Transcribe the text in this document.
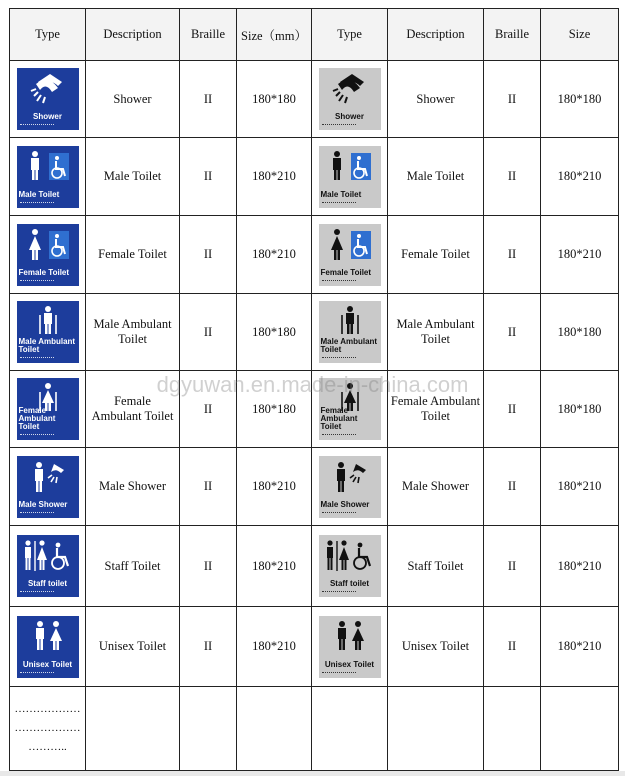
Type	Description	Braille	Size（mm）	Type	Description	Braille	Size

Shower	Shower	II	180*180	Shower	Shower	II	180*180

Male Toilet	Male Toilet	II	180*210	Male Toilet	Male Toilet	II	180*210

Female Toilet	Female Toilet	II	180*210	Female Toilet	Female Toilet	II	180*210

Male Ambulant Toilet	Male Ambulant Toilet	II	180*180	Male Ambulant Toilet	Male Ambulant Toilet	II	180*180

Female Ambulant Toilet	Female Ambulant Toilet	II	180*180	Female Ambulant Toilet	Female Ambulant Toilet	II	180*180

Male Shower	Male Shower	II	180*210	Male Shower	Male Shower	II	180*210

Staff toilet	Staff Toilet	II	180*210	Staff toilet	Staff Toilet	II	180*210

Unisex Toilet	Unisex Toilet	II	180*210	Unisex Toilet	Unisex Toilet	II	180*210

………………
………………
………..							

dgyuwan.en.made-in-china.com
